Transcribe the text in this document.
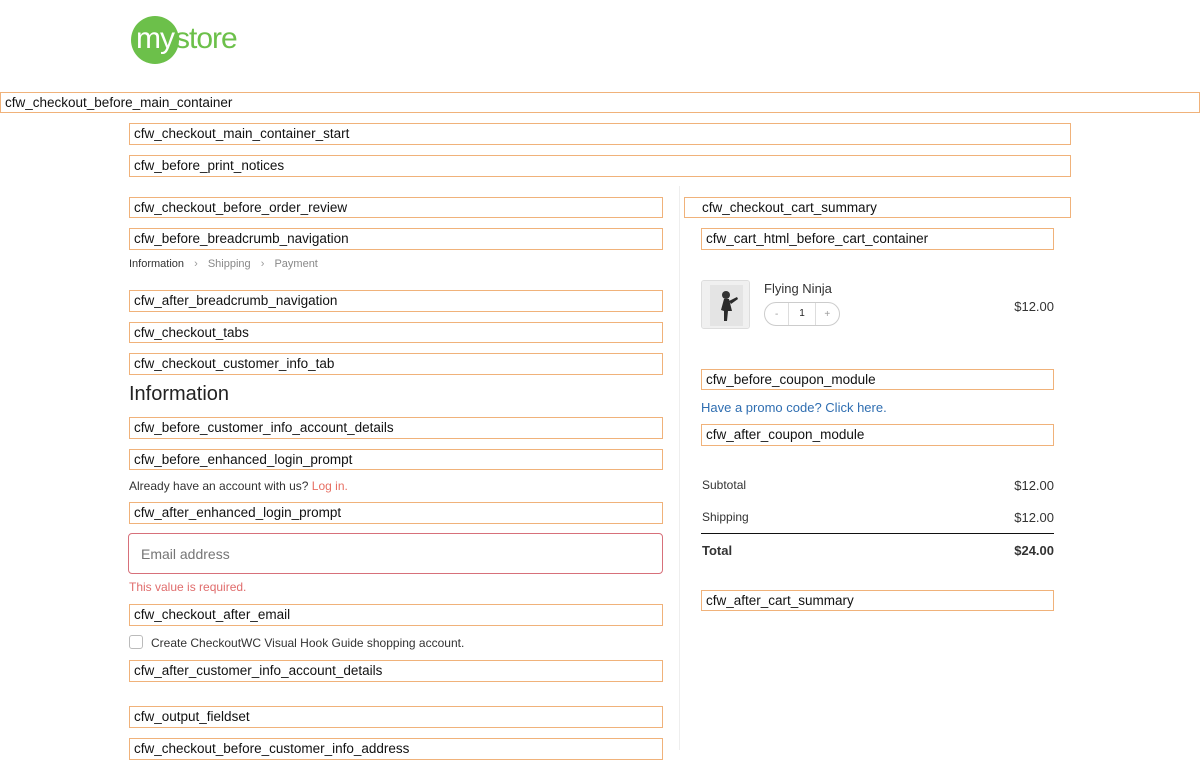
my store
cfw_checkout_before_main_container
cfw_checkout_main_container_start
cfw_before_print_notices
cfw_checkout_before_order_review
cfw_before_breadcrumb_navigation
Information › Shipping › Payment
cfw_after_breadcrumb_navigation
cfw_checkout_tabs
cfw_checkout_customer_info_tab
Information
cfw_before_customer_info_account_details
cfw_before_enhanced_login_prompt
Already have an account with us? Log in.
cfw_after_enhanced_login_prompt
Email address
This value is required.
cfw_checkout_after_email
Create CheckoutWC Visual Hook Guide shopping account.
cfw_after_customer_info_account_details
cfw_output_fieldset
cfw_checkout_before_customer_info_address
cfw_checkout_cart_summary
cfw_cart_html_before_cart_container
Flying Ninja
-	1	+	$12.00
cfw_before_coupon_module
Have a promo code? Click here.
cfw_after_coupon_module
Subtotal	$12.00
Shipping	$12.00
Total	$24.00
cfw_after_cart_summary
